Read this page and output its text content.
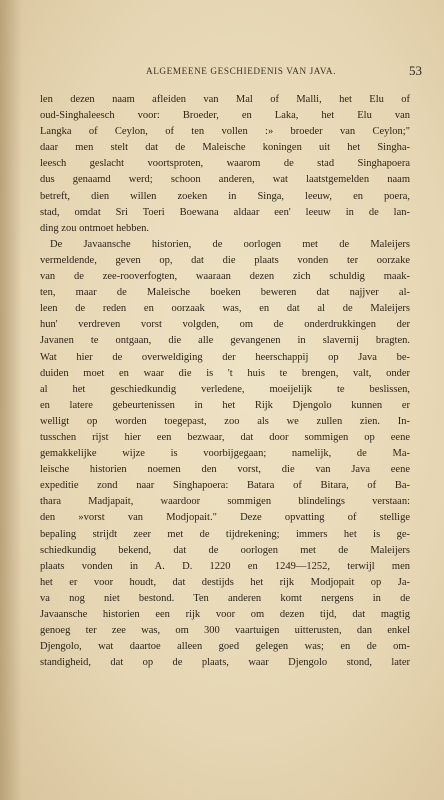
ALGEMEENE GESCHIEDENIS VAN JAVA.	53
len dezen naam afleiden van Mal of Malli, het Elu of
oud-Singhaleesch voor: Broeder, en Laka, het Elu van
Langka of Ceylon, of ten vollen :» broeder van Ceylon;"
daar men stelt dat de Maleische koningen uit het Singha-
leesch geslacht voortsproten, waarom de stad Singhapoera
dus genaamd werd; schoon anderen, wat laatstgemelden naam
betreft, dien willen zoeken in Singa, leeuw, en poera,
stad, omdat Sri Toeri Boewana aldaar een' leeuw in de lan-
ding zou ontmoet hebben.
De Javaansche historien, de oorlogen met de Maleijers
vermeldende, geven op, dat die plaats vonden ter oorzake
van de zee-rooverfogten, waaraan dezen zich schuldig maak-
ten, maar de Maleische boeken beweren dat najjver al-
leen de reden en oorzaak was, en dat al de Maleijers
hun' verdreven vorst volgden, om de onderdrukkingen der
Javanen te ontgaan, die alle gevangenen in slavernij bragten.
Wat hier de overweldiging der heerschappij op Java be-
duiden moet en waar die is 't huis te brengen, valt, onder
al het geschiedkundig verledene, moeijelijk te beslissen,
en latere gebeurtenissen in het Rijk Djengolo kunnen er
welligt op worden toegepast, zoo als we zullen zien. In-
tusschen rijst hier een bezwaar, dat door sommigen op eene
gemakkelijke wijze is voorbijgegaan; namelijk, de Ma-
leische historien noemen den vorst, die van Java eene
expeditie zond naar Singhapoera: Batara of Bitara, of Ba-
thara Madjapait, waardoor sommigen blindelings verstaan:
den »vorst van Modjopait." Deze opvatting of stellige
bepaling strijdt zeer met de tijdrekening; immers het is ge-
schiedkundig bekend, dat de oorlogen met de Maleijers
plaats vonden in A. D. 1220 en 1249—1252, terwijl men
het er voor houdt, dat destijds het rijk Modjopait op Ja-
va nog niet bestond. Ten anderen komt nergens in de
Javaansche historien een rijk voor om dezen tijd, dat magtig
genoeg ter zee was, om 300 vaartuigen uitterusten, dan enkel
Djengolo, wat daartoe alleen goed gelegen was; en de om-
standigheid, dat op de plaats, waar Djengolo stond, later
